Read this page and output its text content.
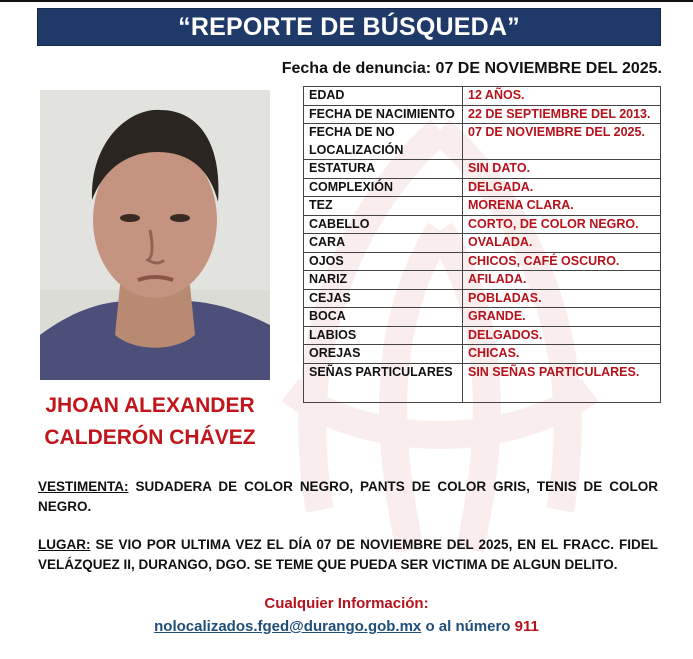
“REPORTE DE BÚSQUEDA”
Fecha de denuncia: 07 DE NOVIEMBRE DEL 2025.
JHOAN ALEXANDER
CALDERÓN CHÁVEZ
EDAD	12 AÑOS.
FECHA DE NACIMIENTO	22 DE SEPTIEMBRE DEL 2013.
FECHA DE NO LOCALIZACIÓN	07 DE NOVIEMBRE DEL 2025.
ESTATURA	SIN DATO.
COMPLEXIÓN	DELGADA.
TEZ	MORENA CLARA.
CABELLO	CORTO, DE COLOR NEGRO.
CARA	OVALADA.
OJOS	CHICOS, CAFÉ OSCURO.
NARIZ	AFILADA.
CEJAS	POBLADAS.
BOCA	GRANDE.
LABIOS	DELGADOS.
OREJAS	CHICAS.
SEÑAS PARTICULARES	SIN SEÑAS PARTICULARES.
VESTIMENTA: SUDADERA DE COLOR NEGRO, PANTS DE COLOR GRIS, TENIS DE COLOR NEGRO.
LUGAR: SE VIO POR ULTIMA VEZ EL DÍA 07 DE NOVIEMBRE DEL 2025, EN EL FRACC. FIDEL VELÁZQUEZ II, DURANGO, DGO. SE TEME QUE PUEDA SER VICTIMA DE ALGUN DELITO.
Cualquier Información:
nolocalizados.fged@durango.gob.mx o al número 911
